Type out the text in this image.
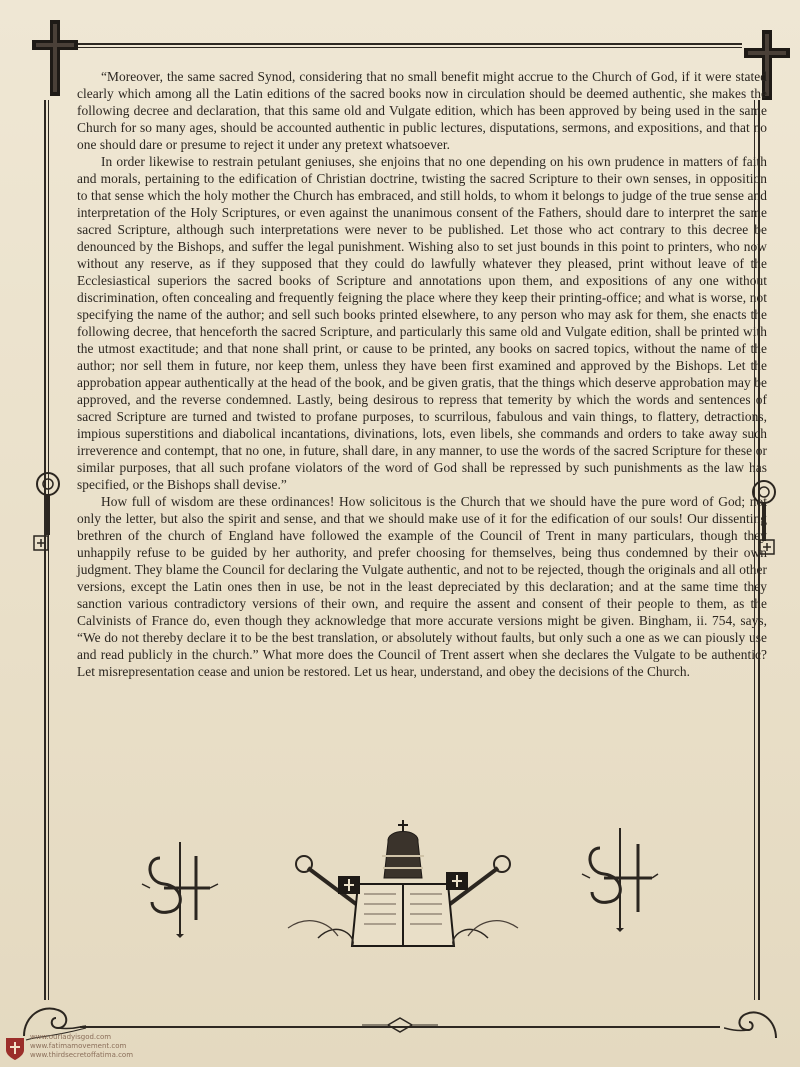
“Moreover, the same sacred Synod, considering that no small benefit might accrue to the Church of God, if it were stated clearly which among all the Latin editions of the sacred books now in circulation should be deemed authentic, she makes the following decree and declaration, that this same old and Vulgate edition, which has been approved by being used in the same Church for so many ages, should be accounted authentic in public lectures, disputations, sermons, and expositions, and that no one should dare or presume to reject it under any pretext whatsoever.

In order likewise to restrain petulant geniuses, she enjoins that no one depending on his own prudence in matters of faith and morals, pertaining to the edification of Christian doctrine, twisting the sacred Scripture to their own senses, in opposition to that sense which the holy mother the Church has embraced, and still holds, to whom it belongs to judge of the true sense and interpretation of the Holy Scriptures, or even against the unanimous consent of the Fathers, should dare to interpret the same sacred Scripture, although such interpretations were never to be published. Let those who act contrary to this decree be denounced by the Bishops, and suffer the legal punishment. Wishing also to set just bounds in this point to printers, who now without any reserve, as if they supposed that they could do lawfully whatever they pleased, print without leave of the Ecclesiastical superiors the sacred books of Scripture and annotations upon them, and expositions of any one without discrimination, often concealing and frequently feigning the place where they keep their printing-office; and what is worse, not specifying the name of the author; and sell such books printed elsewhere, to any person who may ask for them, she enacts the following decree, that henceforth the sacred Scripture, and particularly this same old and Vulgate edition, shall be printed with the utmost exactitude; and that none shall print, or cause to be printed, any books on sacred topics, without the name of the author; nor sell them in future, nor keep them, unless they have been first examined and approved by the Bishops. Let the approbation appear authentically at the head of the book, and be given gratis, that the things which deserve approbation may be approved, and the reverse condemned. Lastly, being desirous to repress that temerity by which the words and sentences of sacred Scripture are turned and twisted to profane purposes, to scurrilous, fabulous and vain things, to flattery, detractions, impious superstitions and diabolical incantations, divinations, lots, even libels, she commands and orders to take away such irreverence and contempt, that no one, in future, shall dare, in any manner, to use the words of the sacred Scripture for these or similar purposes, that all such profane violators of the word of God shall be repressed by such punishments as the law has specified, or the Bishops shall devise.”

How full of wisdom are these ordinances! How solicitous is the Church that we should have the pure word of God; not only the letter, but also the spirit and sense, and that we should make use of it for the edification of our souls! Our dissenting brethren of the church of England have followed the example of the Council of Trent in many particulars, though they unhappily refuse to be guided by her authority, and prefer choosing for themselves, being thus condemned by their own judgment. They blame the Council for declaring the Vulgate authentic, and not to be rejected, though the originals and all other versions, except the Latin ones then in use, be not in the least depreciated by this declaration; and at the same time they sanction various contradictory versions of their own, and require the assent and consent of their people to them, as the Calvinists of France do, even though they acknowledge that more accurate versions might be given. Bingham, ii. 754, says, “We do not thereby declare it to be the best translation, or absolutely without faults, but only such a one as we can piously use and read publicly in the church.” What more does the Council of Trent assert when she declares the Vulgate to be authentic? Let misrepresentation cease and union be restored. Let us hear, understand, and obey the decisions of the Church.

www.ourladyisgod.com
www.fatimamovement.com
www.thirdsecretoffatima.com
